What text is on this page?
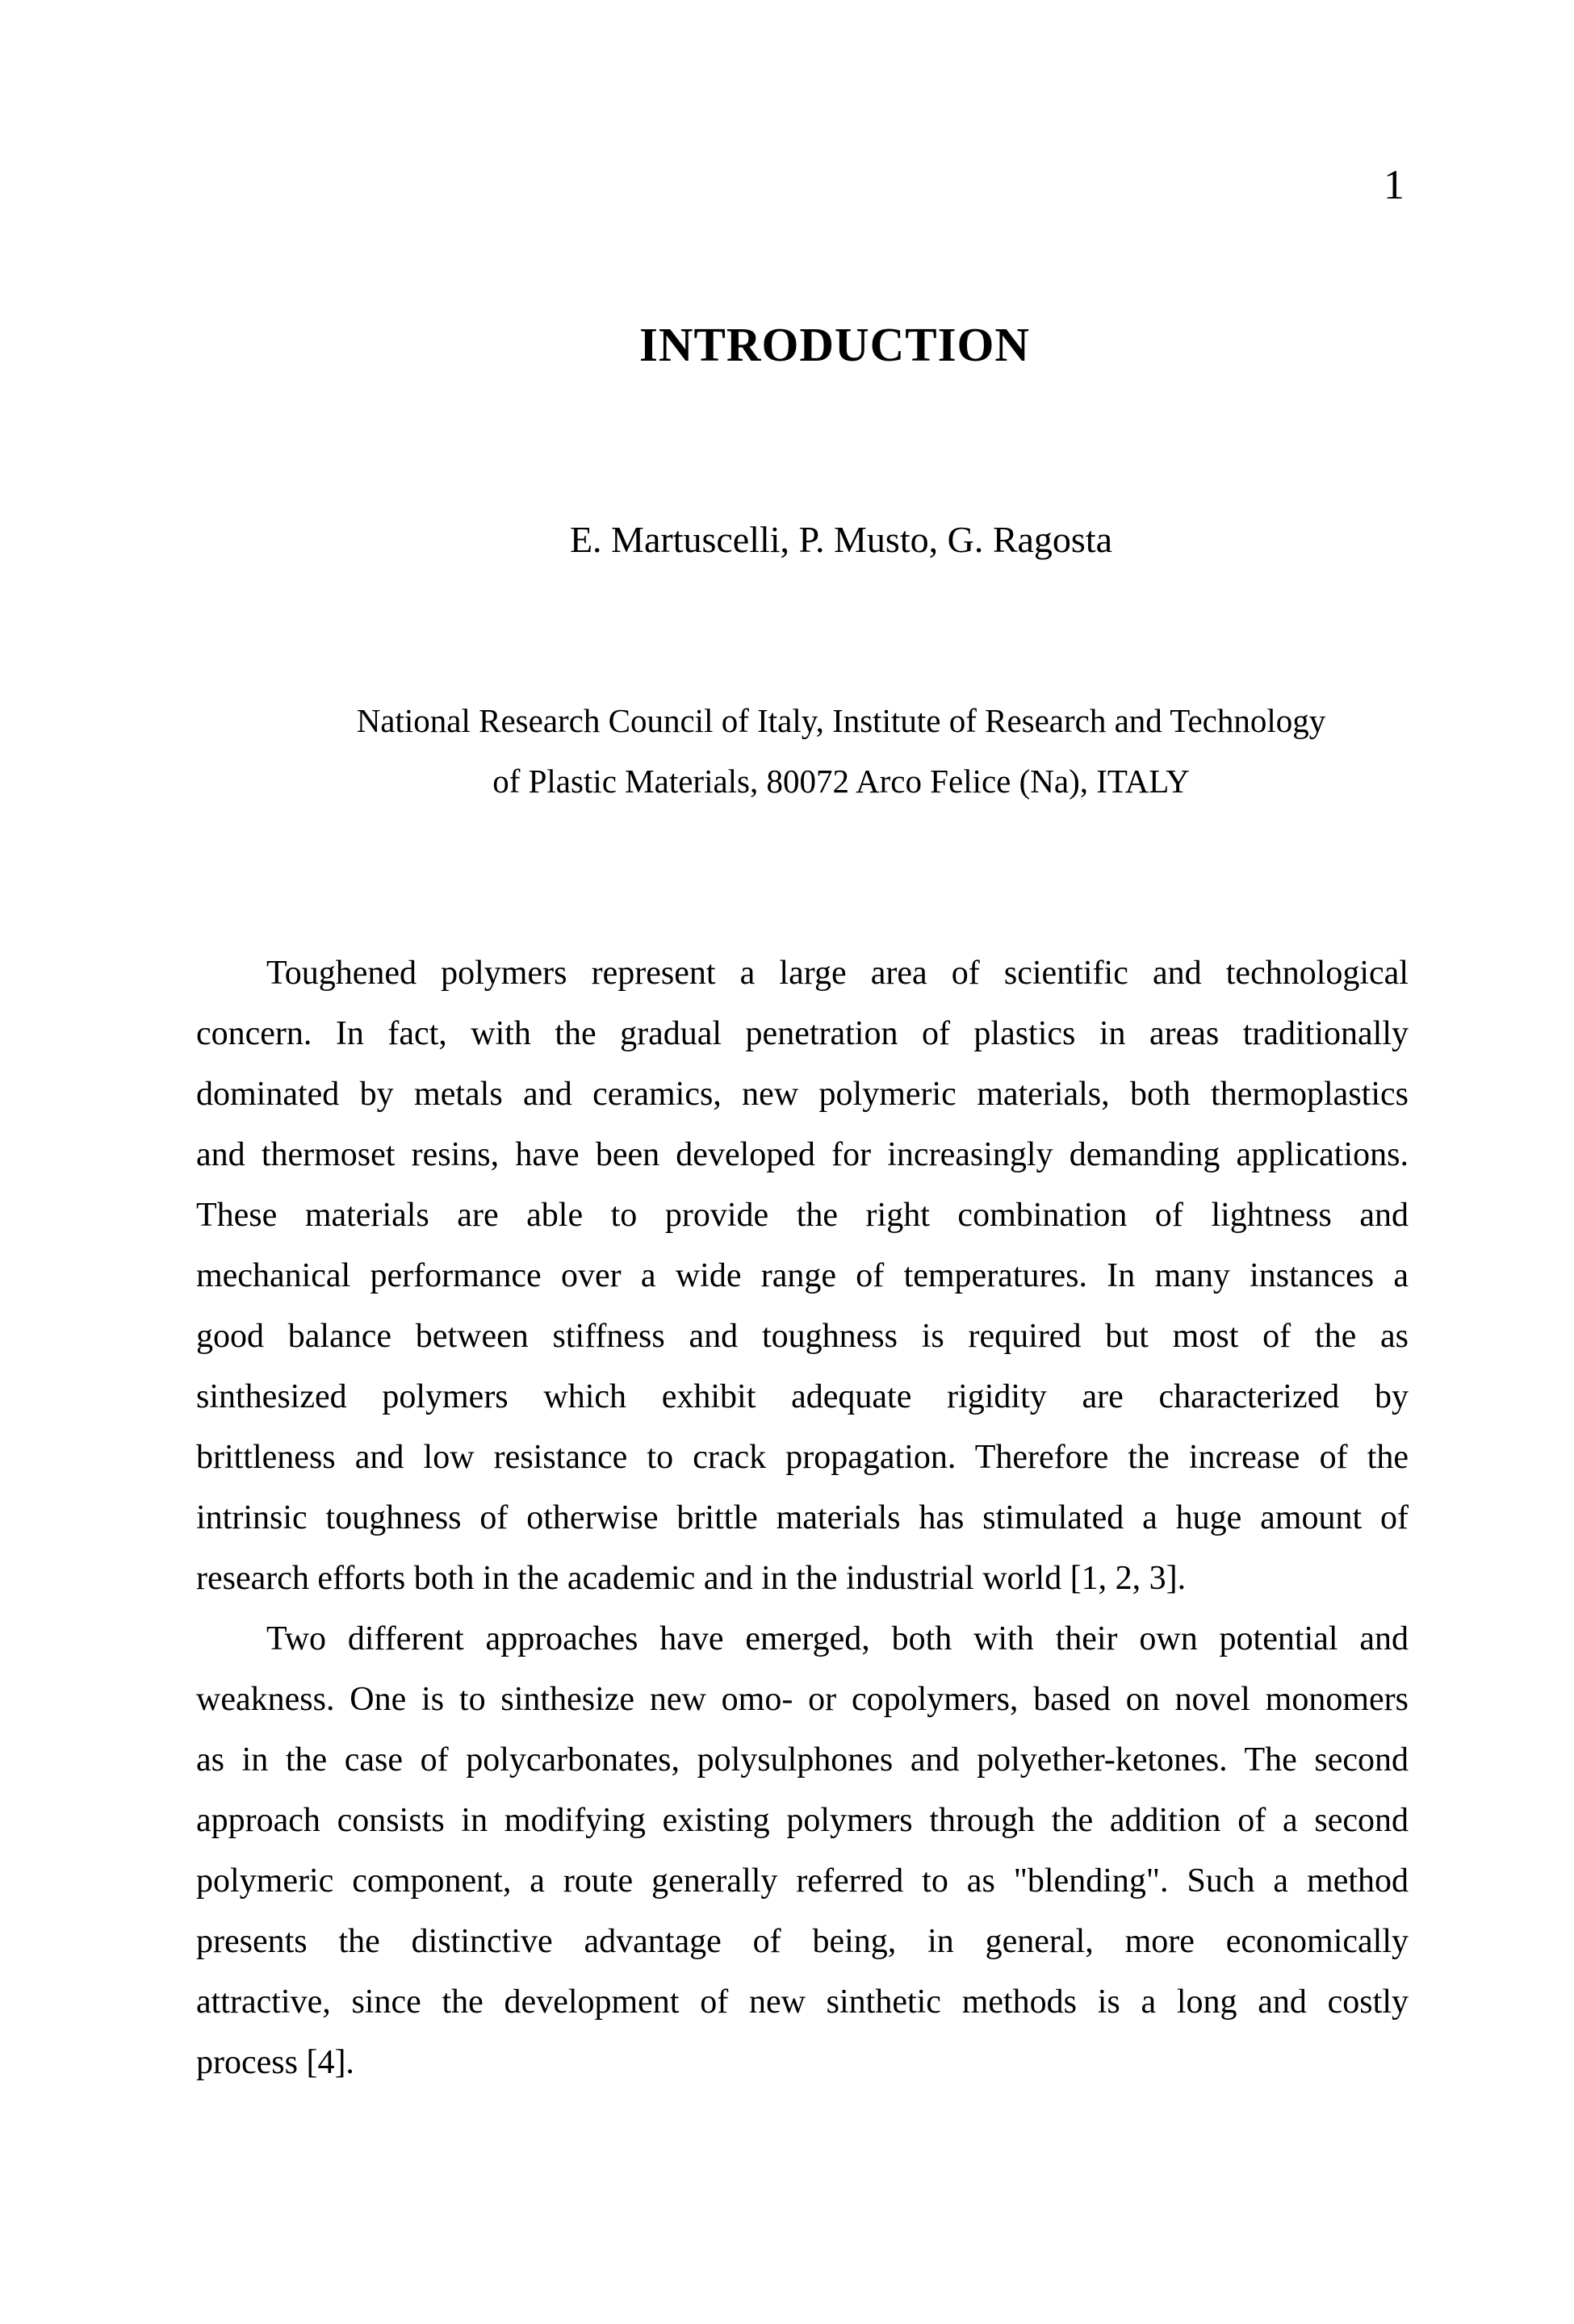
1
INTRODUCTION
E. Martuscelli, P. Musto, G. Ragosta
National Research Council of Italy, Institute of Research and Technology
of Plastic Materials, 80072 Arco Felice (Na), ITALY
Toughened polymers represent a large area of scientific and technological
concern. In fact, with the gradual penetration of plastics in areas traditionally
dominated by metals and ceramics, new polymeric materials, both thermoplastics
and thermoset resins, have been developed for increasingly demanding applications.
These materials are able to provide the right combination of lightness and
mechanical performance over a wide range of temperatures. In many instances a
good balance between stiffness and toughness is required but most of the as
sinthesized polymers which exhibit adequate rigidity are characterized by
brittleness and low resistance to crack propagation. Therefore the increase of the
intrinsic toughness of otherwise brittle materials has stimulated a huge amount of
research efforts both in the academic and in the industrial world [1, 2, 3].
Two different approaches have emerged, both with their own potential and
weakness. One is to sinthesize new omo- or copolymers, based on novel monomers
as in the case of polycarbonates, polysulphones and polyether-ketones. The second
approach consists in modifying existing polymers through the addition of a second
polymeric component, a route generally referred to as "blending". Such a method
presents the distinctive advantage of being, in general, more economically
attractive, since the development of new sinthetic methods is a long and costly
process [4].
